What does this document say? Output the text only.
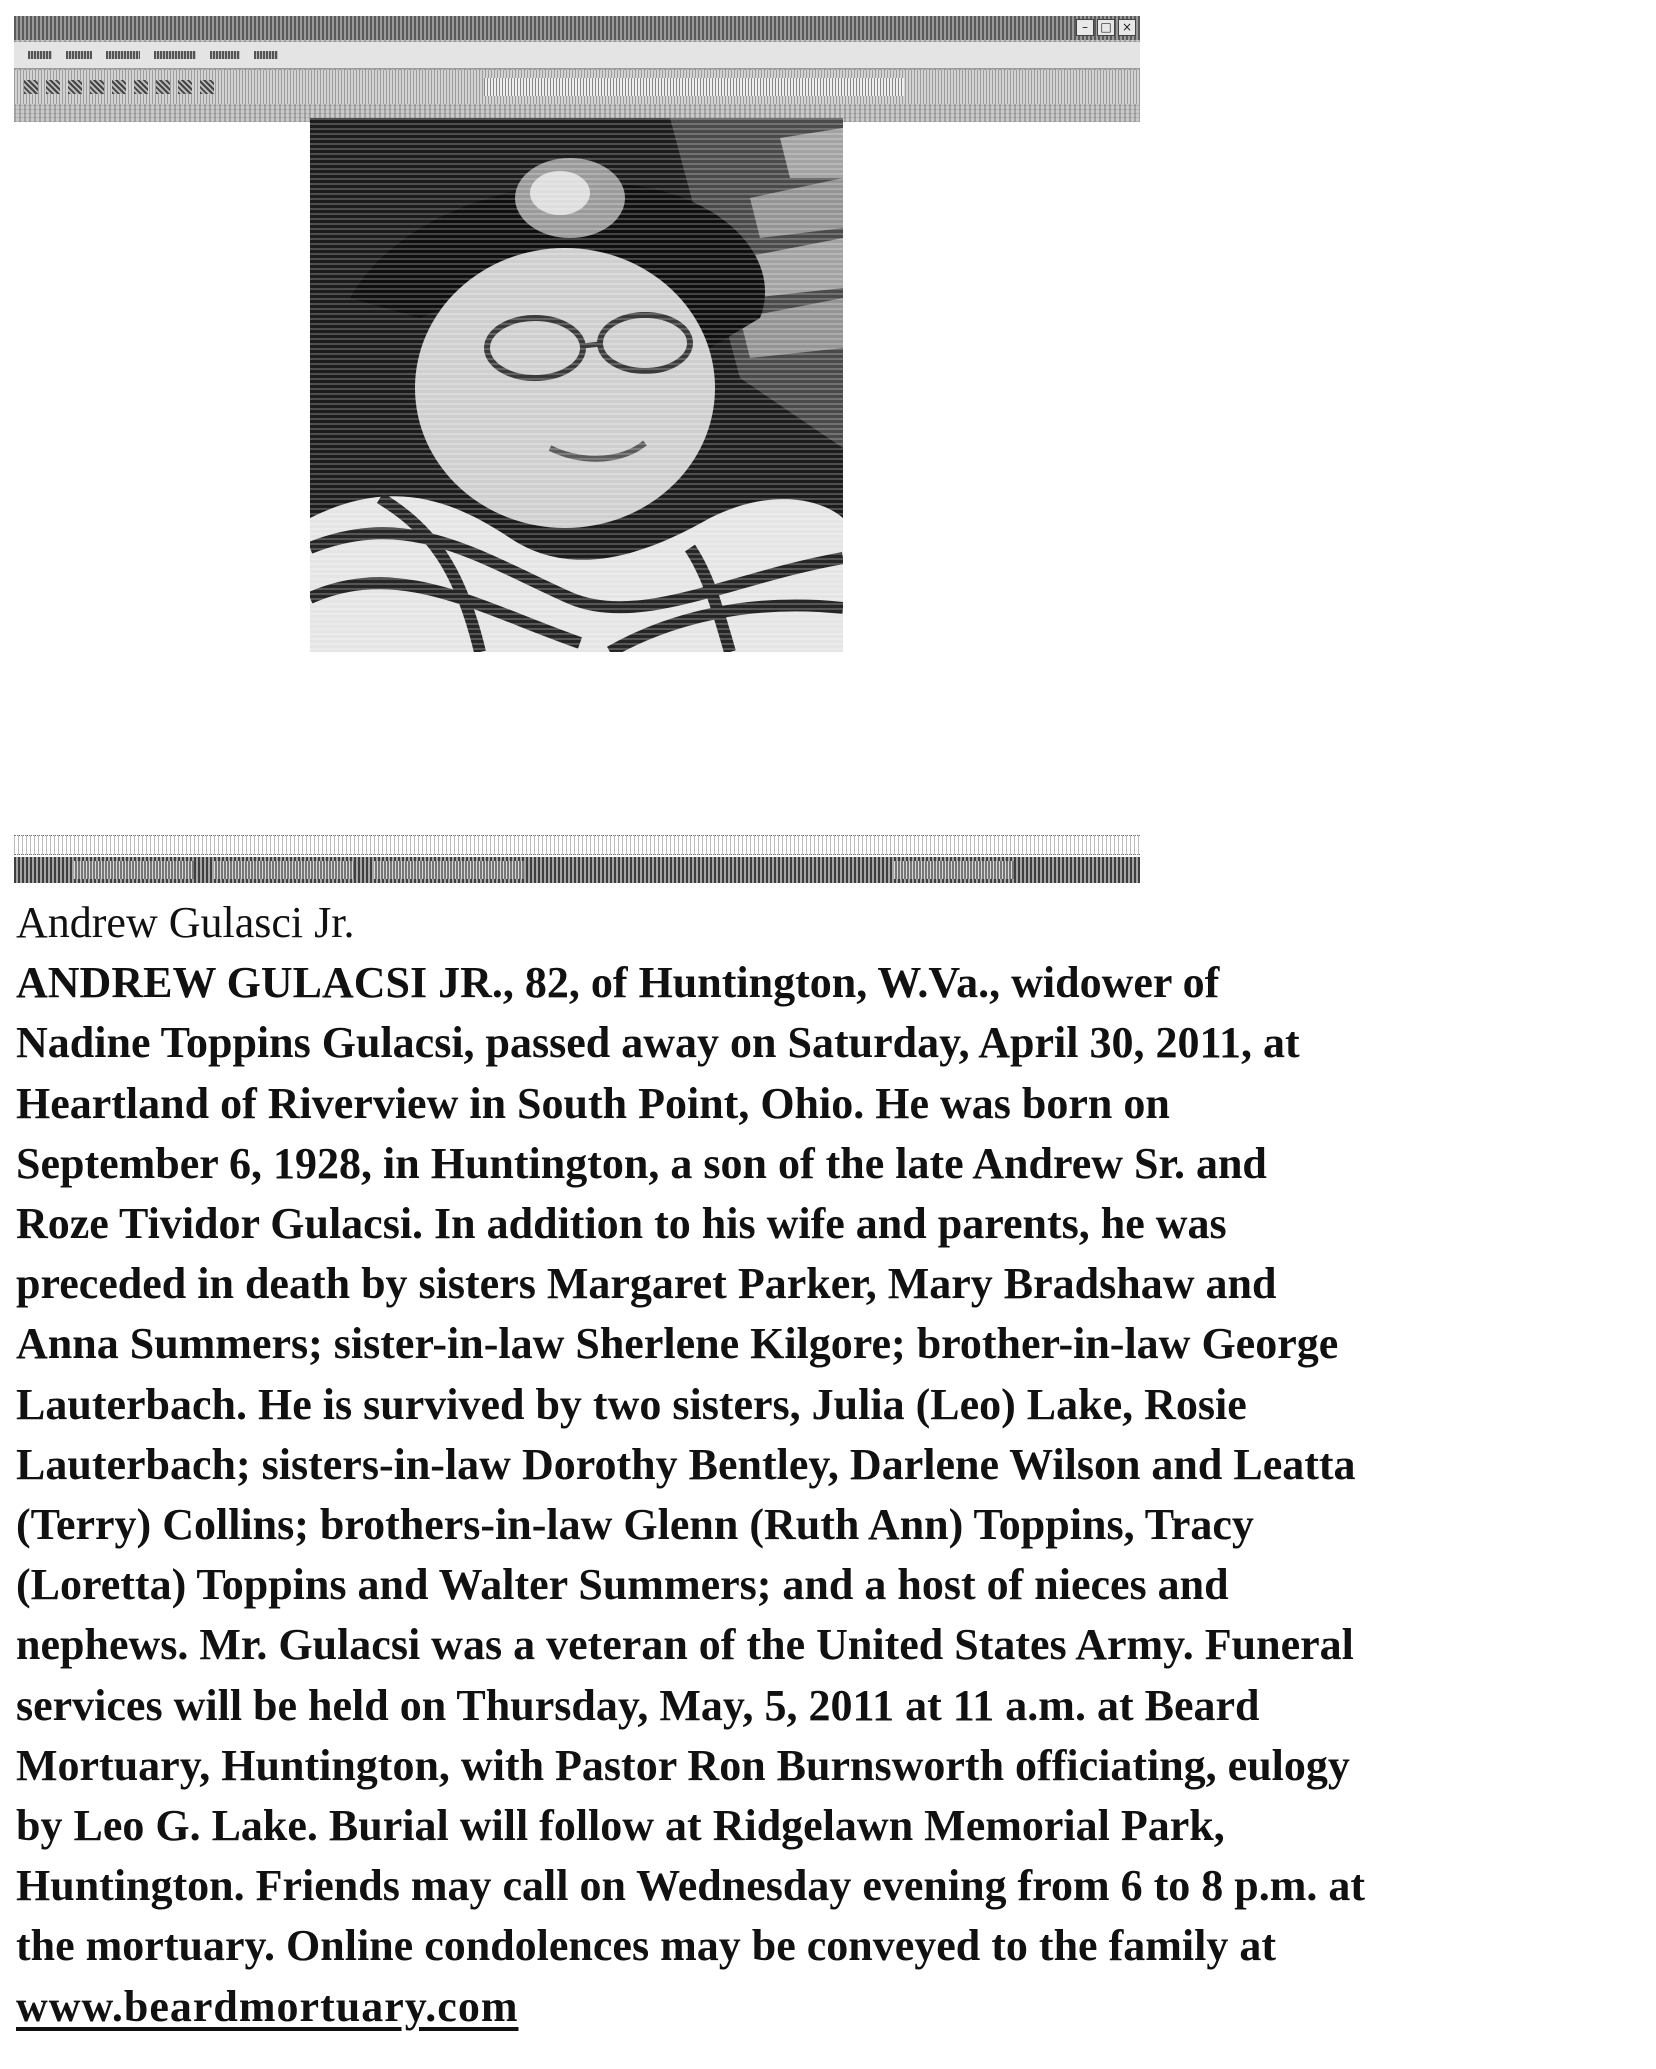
–	□ ×
Andrew Gulasci Jr.
ANDREW GULACSI JR., 82, of Huntington, W.Va., widower of
Nadine Toppins Gulacsi, passed away on Saturday, April 30, 2011, at
Heartland of Riverview in South Point, Ohio. He was born on
September 6, 1928, in Huntington, a son of the late Andrew Sr. and
Roze Tividor Gulacsi. In addition to his wife and parents, he was
preceded in death by sisters Margaret Parker, Mary Bradshaw and
Anna Summers; sister-in-law Sherlene Kilgore; brother-in-law George
Lauterbach. He is survived by two sisters, Julia (Leo) Lake, Rosie
Lauterbach; sisters-in-law Dorothy Bentley, Darlene Wilson and Leatta
(Terry) Collins; brothers-in-law Glenn (Ruth Ann) Toppins, Tracy
(Loretta) Toppins and Walter Summers; and a host of nieces and
nephews. Mr. Gulacsi was a veteran of the United States Army. Funeral
services will be held on Thursday, May, 5, 2011 at 11 a.m. at Beard
Mortuary, Huntington, with Pastor Ron Burnsworth officiating, eulogy
by Leo G. Lake. Burial will follow at Ridgelawn Memorial Park,
Huntington. Friends may call on Wednesday evening from 6 to 8 p.m. at
the mortuary. Online condolences may be conveyed to the family at
www.beardmortuary.com
